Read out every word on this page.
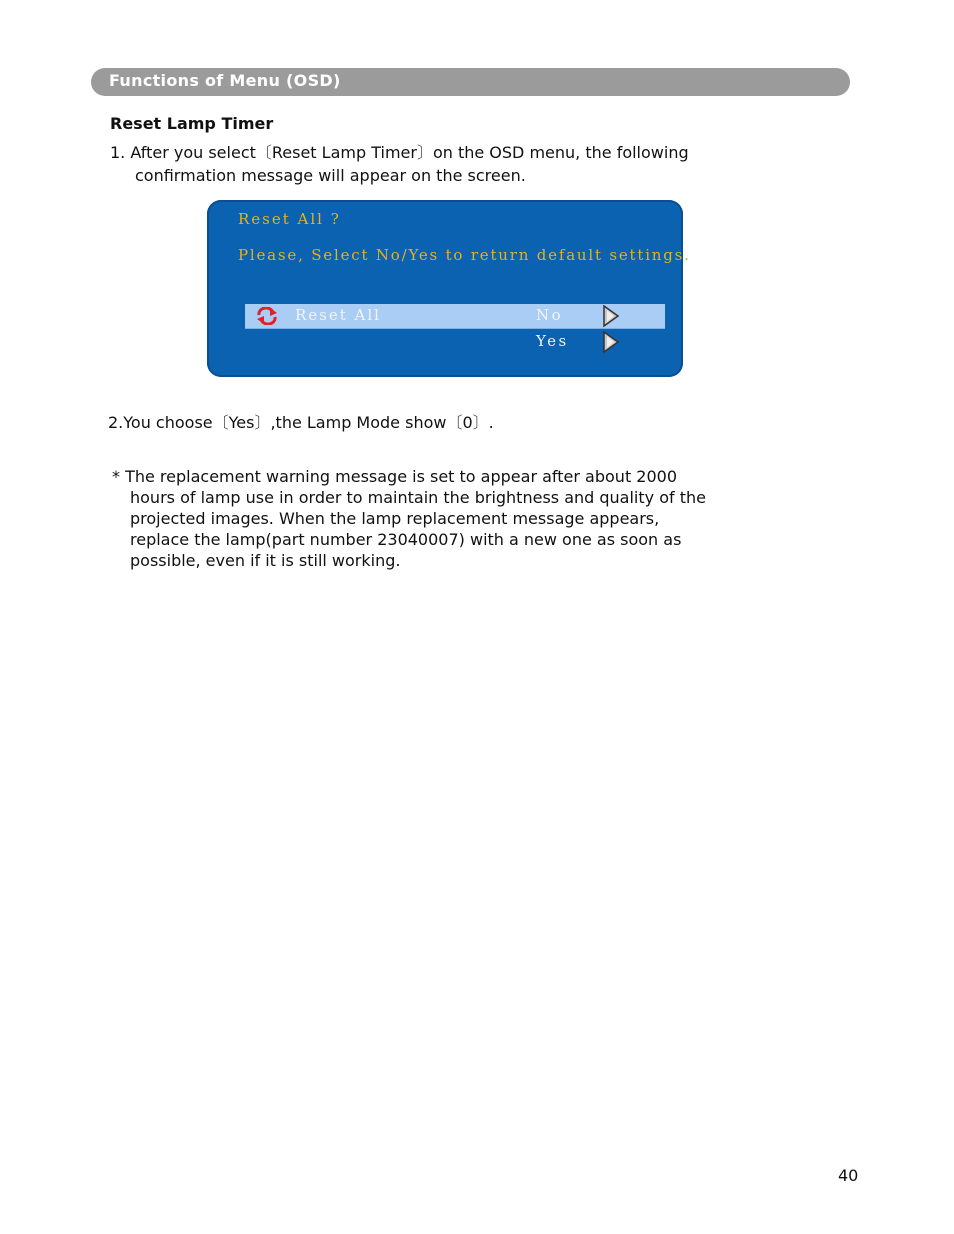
Functions of Menu (OSD)
Reset Lamp Timer

1. After you select〔Reset Lamp Timer〕on the OSD menu, the following
confirmation message will appear on the screen.

Reset All ?
Please, Select No/Yes to return default settings.
Reset All	No
Yes

2.You choose〔Yes〕,the Lamp Mode show〔0〕.

* The replacement warning message is set to appear after about 2000
hours of lamp use in order to maintain the brightness and quality of the
projected images. When the lamp replacement message appears,
replace the lamp(part number 23040007) with a new one as soon as
possible, even if it is still working.

40
